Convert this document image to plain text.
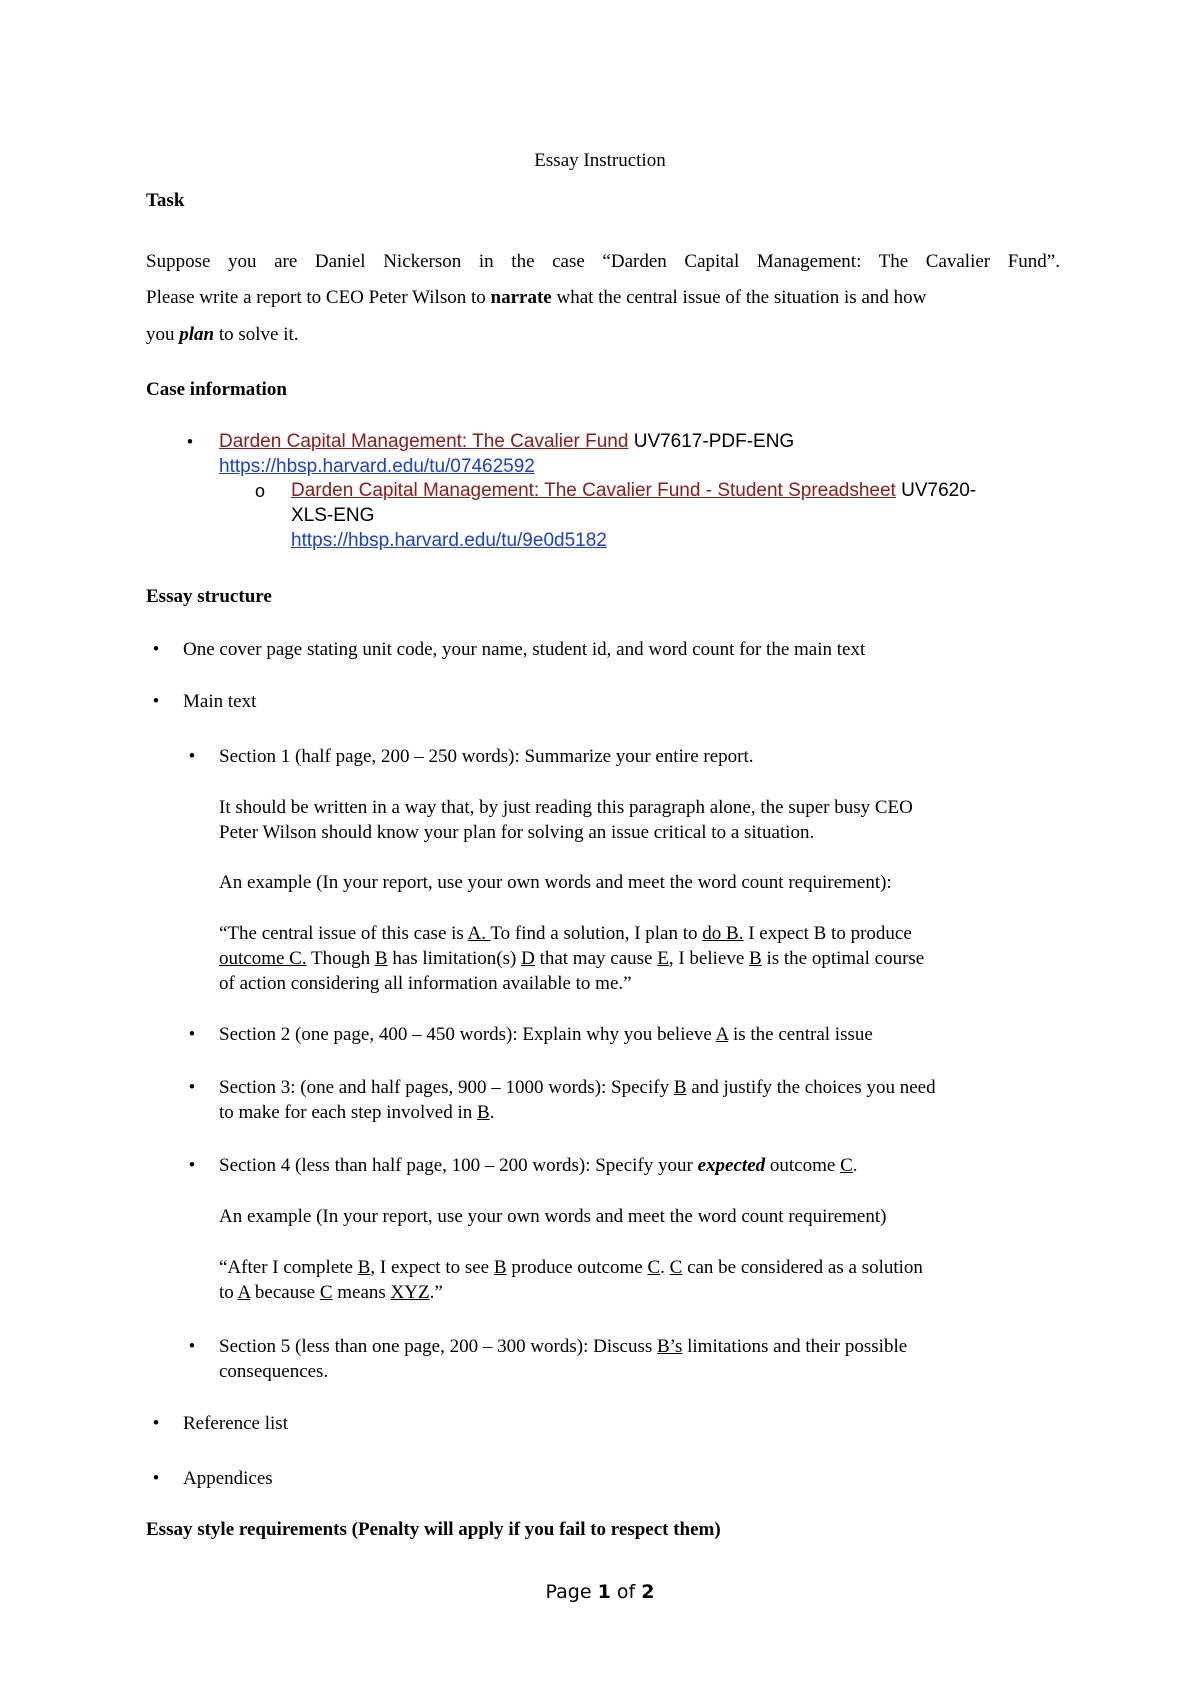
Essay Instruction
Task
Suppose you are Daniel Nickerson in the case “Darden Capital Management: The Cavalier Fund”.
Please write a report to CEO Peter Wilson to narrate what the central issue of the situation is and how
you plan to solve it.
Case information
•	Darden Capital Management: The Cavalier Fund UV7617-PDF-ENG
https://hbsp.harvard.edu/tu/07462592
o Darden Capital Management: The Cavalier Fund - Student Spreadsheet UV7620-
XLS-ENG
https://hbsp.harvard.edu/tu/9e0d5182
Essay structure
•	One cover page stating unit code, your name, student id, and word count for the main text
•	Main text
•	Section 1 (half page, 200 – 250 words): Summarize your entire report.
It should be written in a way that, by just reading this paragraph alone, the super busy CEO
Peter Wilson should know your plan for solving an issue critical to a situation.
An example (In your report, use your own words and meet the word count requirement):
“The central issue of this case is A. To find a solution, I plan to do B. I expect B to produce
outcome C. Though B has limitation(s) D that may cause E, I believe B is the optimal course
of action considering all information available to me.”
•	Section 2 (one page, 400 – 450 words): Explain why you believe A is the central issue
•	Section 3: (one and half pages, 900 – 1000 words): Specify B and justify the choices you need
to make for each step involved in B.
•	Section 4 (less than half page, 100 – 200 words): Specify your expected outcome C.
An example (In your report, use your own words and meet the word count requirement)
“After I complete B, I expect to see B produce outcome C. C can be considered as a solution
to A because C means XYZ.”
•	Section 5 (less than one page, 200 – 300 words): Discuss B’s limitations and their possible
consequences.
•	Reference list
•	Appendices
Essay style requirements (Penalty will apply if you fail to respect them)
Page 1 of 2
